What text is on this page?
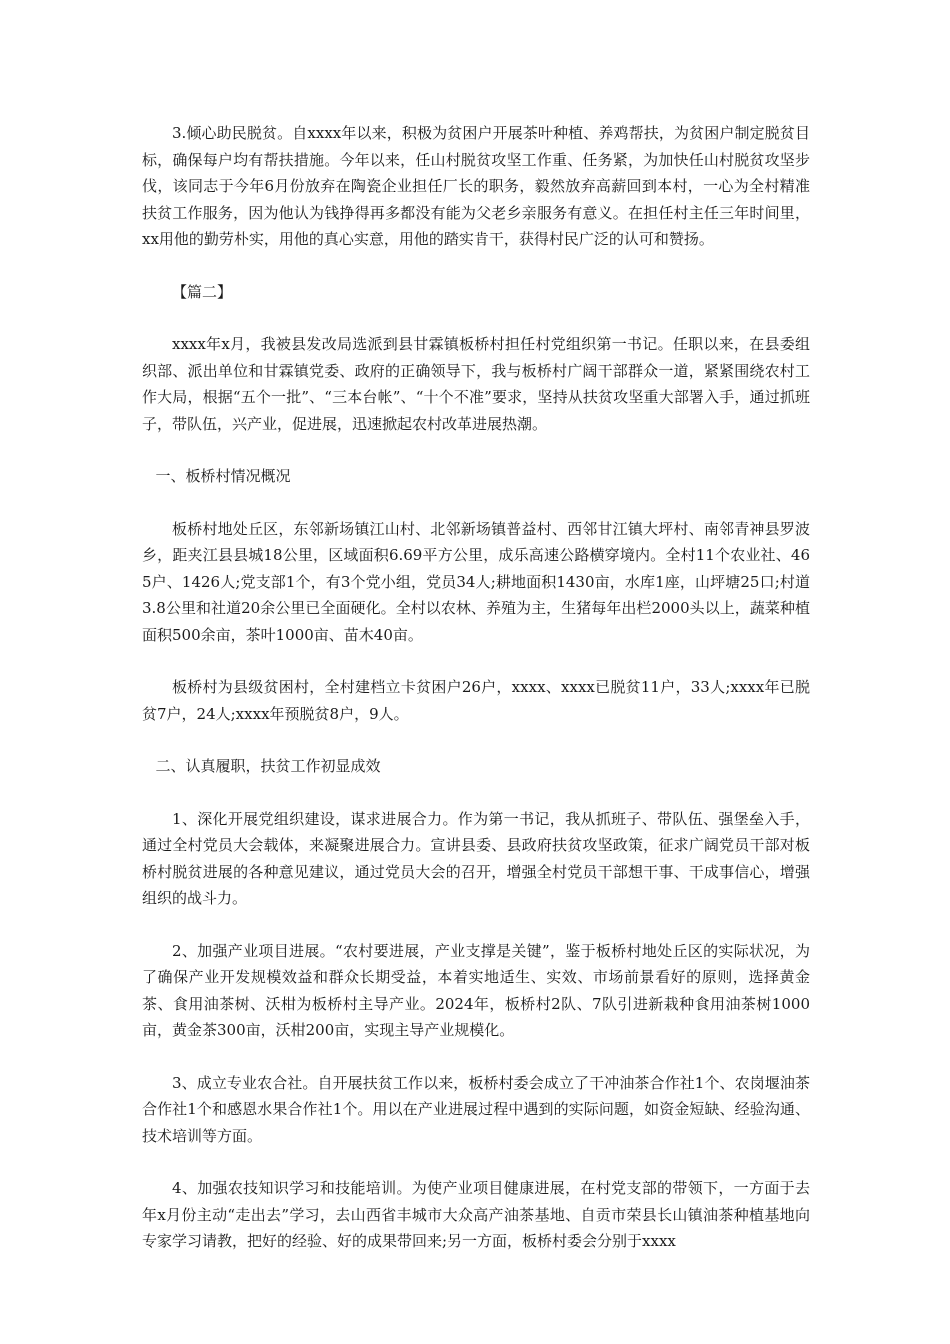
3.倾心助民脱贫。自xxxx年以来，积极为贫困户开展茶叶种植、养鸡帮扶，为贫困户制定脱贫目标，确保每户均有帮扶措施。今年以来，任山村脱贫攻坚工作重、任务紧，为加快任山村脱贫攻坚步伐，该同志于今年6月份放弃在陶瓷企业担任厂长的职务，毅然放弃高薪回到本村，一心为全村精准扶贫工作服务，因为他认为钱挣得再多都没有能为父老乡亲服务有意义。在担任村主任三年时间里，xx用他的勤劳朴实，用他的真心实意，用他的踏实肯干，获得村民广泛的认可和赞扬。

【篇二】

xxxx年x月，我被县发改局选派到县甘霖镇板桥村担任村党组织第一书记。任职以来，在县委组织部、派出单位和甘霖镇党委、政府的正确领导下，我与板桥村广阔干部群众一道，紧紧围绕农村工作大局，根据“五个一批”、“三本台帐”、“十个不准”要求，坚持从扶贫攻坚重大部署入手，通过抓班子，带队伍，兴产业，促进展，迅速掀起农村改革进展热潮。

一、板桥村情况概况

板桥村地处丘区，东邻新场镇江山村、北邻新场镇普益村、西邻甘江镇大坪村、南邻青神县罗波乡，距夹江县县城18公里，区域面积6.69平方公里，成乐高速公路横穿境内。全村11个农业社、465户、1426人;党支部1个，有3个党小组，党员34人;耕地面积1430亩，水库1座，山坪塘25口;村道3.8公里和社道20余公里已全面硬化。全村以农林、养殖为主，生猪每年出栏2000头以上，蔬菜种植面积500余亩，茶叶1000亩、苗木40亩。

板桥村为县级贫困村，全村建档立卡贫困户26户，xxxx、xxxx已脱贫11户，33人;xxxx年已脱贫7户，24人;xxxx年预脱贫8户，9人。

二、认真履职，扶贫工作初显成效

1、深化开展党组织建设，谋求进展合力。作为第一书记，我从抓班子、带队伍、强堡垒入手，通过全村党员大会载体，来凝聚进展合力。宣讲县委、县政府扶贫攻坚政策，征求广阔党员干部对板桥村脱贫进展的各种意见建议，通过党员大会的召开，增强全村党员干部想干事、干成事信心，增强组织的战斗力。

2、加强产业项目进展。“农村要进展，产业支撑是关键”，鉴于板桥村地处丘区的实际状况，为了确保产业开发规模效益和群众长期受益，本着实地适生、实效、市场前景看好的原则，选择黄金茶、食用油茶树、沃柑为板桥村主导产业。2024年，板桥村2队、7队引进新栽种食用油茶树1000亩，黄金茶300亩，沃柑200亩，实现主导产业规模化。

3、成立专业农合社。自开展扶贫工作以来，板桥村委会成立了干冲油茶合作社1个、农岗堰油茶合作社1个和感恩水果合作社1个。用以在产业进展过程中遇到的实际问题，如资金短缺、经验沟通、技术培训等方面。

4、加强农技知识学习和技能培训。为使产业项目健康进展，在村党支部的带领下，一方面于去年x月份主动“走出去”学习，去山西省丰城市大众高产油茶基地、自贡市荣县长山镇油茶种植基地向专家学习请教，把好的经验、好的成果带回来;另一方面，板桥村委会分别于xxxx
